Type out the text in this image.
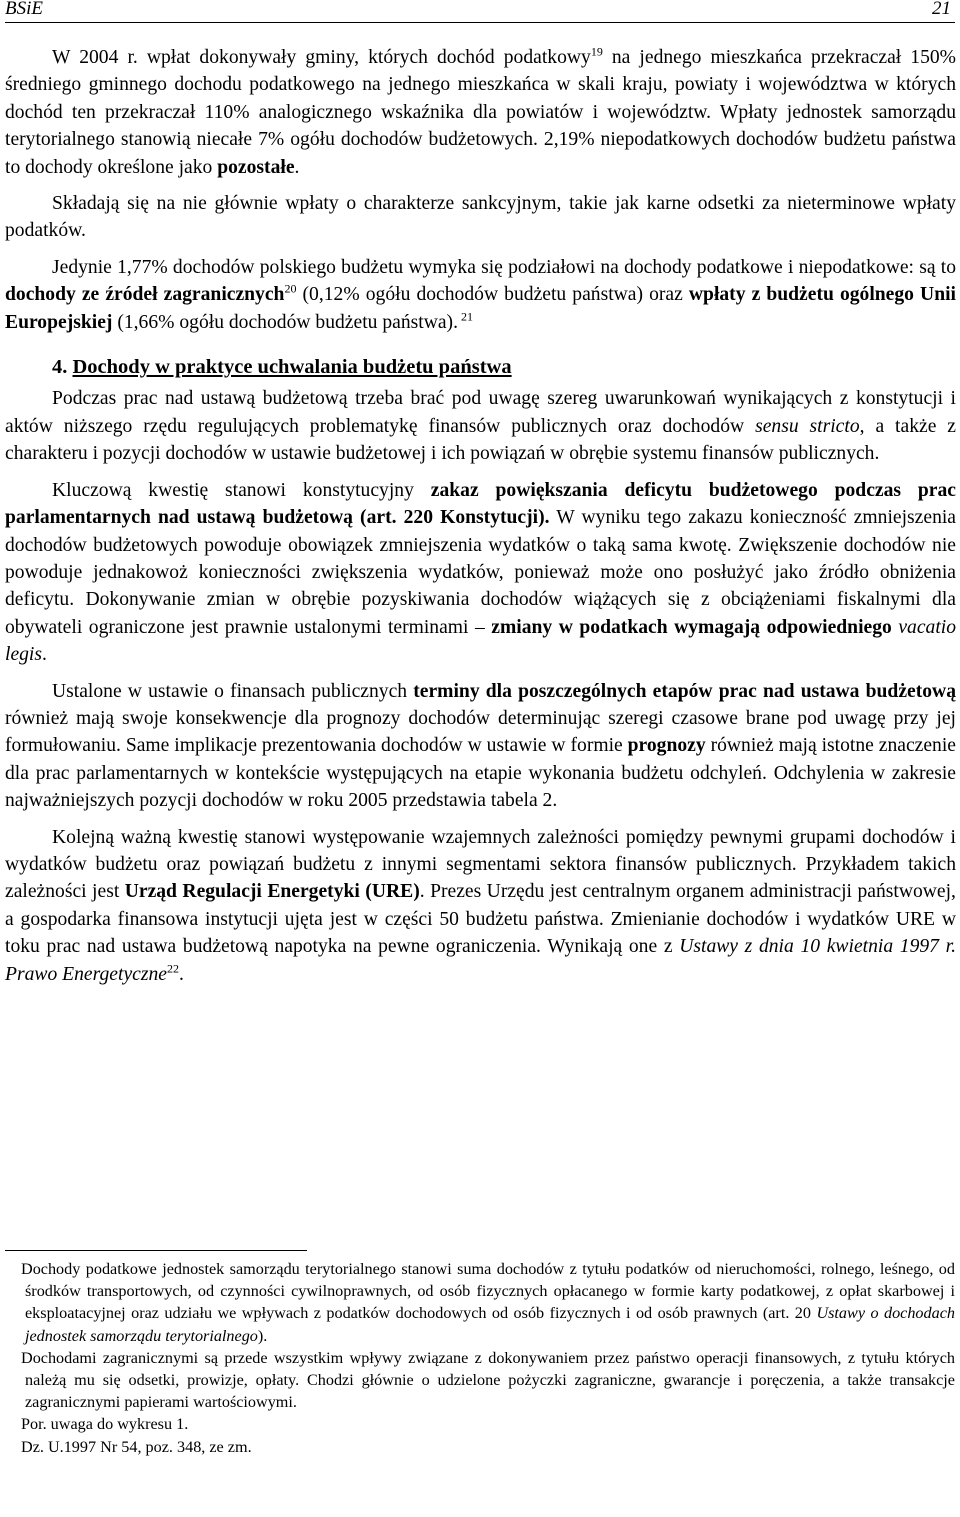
BSiE	21

W 2004 r. wpłat dokonywały gminy, których dochód podatkowy$^{19}$ na jednego mieszkańca przekraczał 150% średniego gminnego dochodu podatkowego na jednego mieszkańca w skali kraju, powiaty i województwa w których dochód ten przekraczał 110% analogicznego wskaźnika dla powiatów i województw. Wpłaty jednostek samorządu terytorialnego stanowią niecałe 7% ogółu dochodów budżetowych. 2,19% niepodatkowych dochodów budżetu państwa to dochody określone jako pozostałe.

Składają się na nie głównie wpłaty o charakterze sankcyjnym, takie jak karne odsetki za nieterminowe wpłaty podatków.

Jedynie 1,77% dochodów polskiego budżetu wymyka się podziałowi na dochody podatkowe i niepodatkowe: są to dochody ze źródeł zagranicznych$^{20}$ (0,12% ogółu dochodów budżetu państwa) oraz wpłaty z budżetu ogólnego Unii Europejskiej (1,66% ogółu dochodów budżetu państwa). $^{21}$

4. Dochody w praktyce uchwalania budżetu państwa

Podczas prac nad ustawą budżetową trzeba brać pod uwagę szereg uwarunkowań wynikających z konstytucji i aktów niższego rzędu regulujących problematykę finansów publicznych oraz dochodów sensu stricto, a także z charakteru i pozycji dochodów w ustawie budżetowej i ich powiązań w obrębie systemu finansów publicznych.

Kluczową kwestię stanowi konstytucyjny zakaz powiększania deficytu budżetowego podczas prac parlamentarnych nad ustawą budżetową (art. 220 Konstytucji). W wyniku tego zakazu konieczność zmniejszenia dochodów budżetowych powoduje obowiązek zmniejszenia wydatków o taką sama kwotę. Zwiększenie dochodów nie powoduje jednakowoż konieczności zwiększenia wydatków, ponieważ może ono posłużyć jako źródło obniżenia deficytu. Dokonywanie zmian w obrębie pozyskiwania dochodów wiążących się z obciążeniami fiskalnymi dla obywateli ograniczone jest prawnie ustalonymi terminami – zmiany w podatkach wymagają odpowiedniego vacatio legis.

Ustalone w ustawie o finansach publicznych terminy dla poszczególnych etapów prac nad ustawa budżetową również mają swoje konsekwencje dla prognozy dochodów determinując szeregi czasowe brane pod uwagę przy jej formułowaniu. Same implikacje prezentowania dochodów w ustawie w formie prognozy również mają istotne znaczenie dla prac parlamentarnych w kontekście występujących na etapie wykonania budżetu odchyleń. Odchylenia w zakresie najważniejszych pozycji dochodów w roku 2005 przedstawia tabela 2.

Kolejną ważną kwestię stanowi występowanie wzajemnych zależności pomiędzy pewnymi grupami dochodów i wydatków budżetu oraz powiązań budżetu z innymi segmentami sektora finansów publicznych. Przykładem takich zależności jest Urząd Regulacji Energetyki (URE). Prezes Urzędu jest centralnym organem administracji państwowej, a gospodarka finansowa instytucji ujęta jest w części 50 budżetu państwa. Zmienianie dochodów i wydatków URE w toku prac nad ustawa budżetową napotyka na pewne ograniczenia. Wynikają one z Ustawy z dnia 10 kwietnia 1997 r. Prawo Energetyczne$^{22}$.

Dochody podatkowe jednostek samorządu terytorialnego stanowi suma dochodów z tytułu podatków od nieruchomości, rolnego, leśnego, od środków transportowych, od czynności cywilnoprawnych, od osób fizycznych opłacanego w formie karty podatkowej, z opłat skarbowej i eksploatacyjnej oraz udziału we wpływach z podatków dochodowych od osób fizycznych i od osób prawnych (art. 20 Ustawy o dochodach jednostek samorządu terytorialnego).

Dochodami zagranicznymi są przede wszystkim wpływy związane z dokonywaniem przez państwo operacji finansowych, z tytułu których należą mu się odsetki, prowizje, opłaty. Chodzi głównie o udzielone pożyczki zagraniczne, gwarancje i poręczenia, a także transakcje zagranicznymi papierami wartościowymi.

Por. uwaga do wykresu 1.

Dz. U.1997 Nr 54, poz. 348, ze zm.
